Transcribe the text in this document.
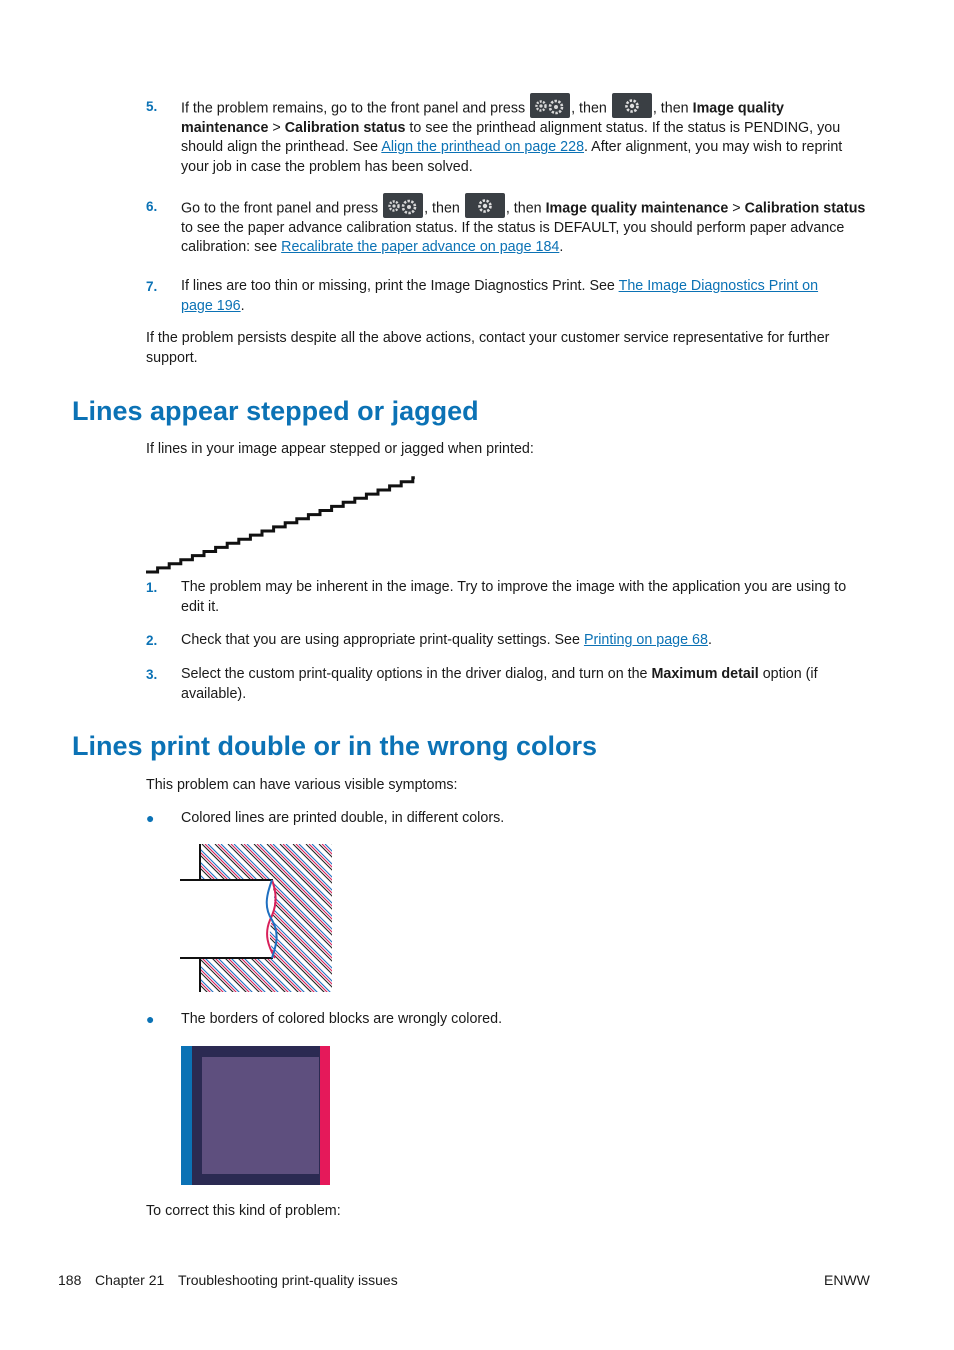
5. If the problem remains, go to the front panel and press	, then	, then Image quality maintenance > Calibration status to see the printhead alignment status. If the status is PENDING, you should align the printhead. See Align the printhead on page 228. After alignment, you may wish to reprint your job in case the problem has been solved.
6. Go to the front panel and press	, then	, then Image quality maintenance > Calibration status to see the paper advance calibration status. If the status is DEFAULT, you should perform paper advance calibration: see Recalibrate the paper advance on page 184.
7. If lines are too thin or missing, print the Image Diagnostics Print. See The Image Diagnostics Print on page 196.
If the problem persists despite all the above actions, contact your customer service representative for further support.
Lines appear stepped or jagged
If lines in your image appear stepped or jagged when printed:
1. The problem may be inherent in the image. Try to improve the image with the application you are using to edit it.
2. Check that you are using appropriate print-quality settings. See Printing on page 68.
3. Select the custom print-quality options in the driver dialog, and turn on the Maximum detail option (if available).
Lines print double or in the wrong colors
This problem can have various visible symptoms:
● Colored lines are printed double, in different colors.
● The borders of colored blocks are wrongly colored.
To correct this kind of problem:
188 Chapter 21 Troubleshooting print-quality issues	ENWW
